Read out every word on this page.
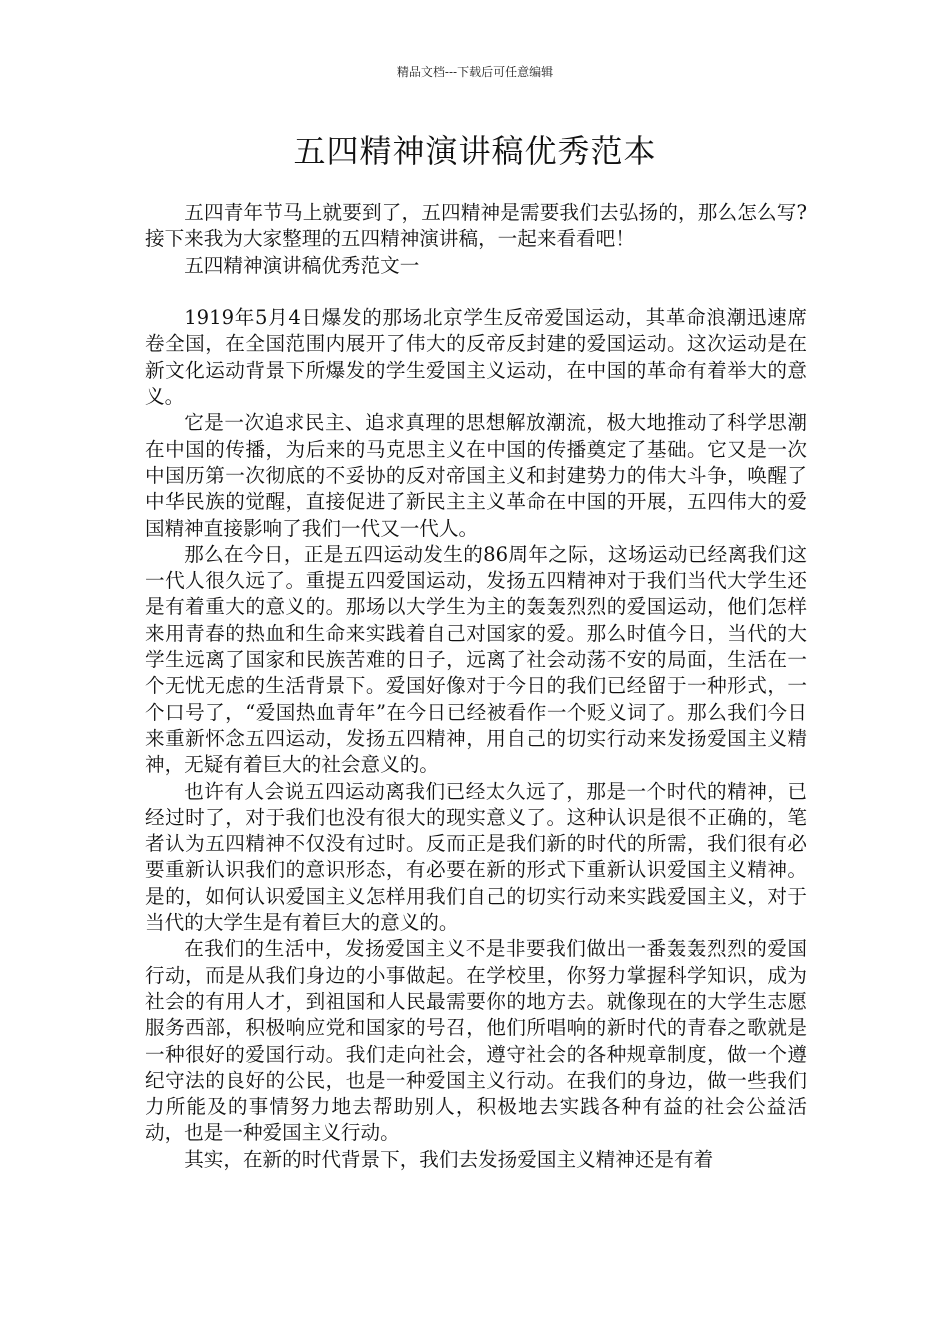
精品文档---下载后可任意编辑
五四精神演讲稿优秀范本

五四青年节马上就要到了，五四精神是需要我们去弘扬的，那么怎么写?接下来我为大家整理的五四精神演讲稿，一起来看看吧！

五四精神演讲稿优秀范文一

1919年5月4日爆发的那场北京学生反帝爱国运动，其革命浪潮迅速席卷全国，在全国范围内展开了伟大的反帝反封建的爱国运动。这次运动是在新文化运动背景下所爆发的学生爱国主义运动，在中国的革命有着举大的意义。

它是一次追求民主、追求真理的思想解放潮流，极大地推动了科学思潮在中国的传播，为后来的马克思主义在中国的传播奠定了基础。它又是一次中国历第一次彻底的不妥协的反对帝国主义和封建势力的伟大斗争，唤醒了中华民族的觉醒，直接促进了新民主主义革命在中国的开展，五四伟大的爱国精神直接影响了我们一代又一代人。

那么在今日，正是五四运动发生的86周年之际，这场运动已经离我们这一代人很久远了。重提五四爱国运动，发扬五四精神对于我们当代大学生还是有着重大的意义的。那场以大学生为主的轰轰烈烈的爱国运动，他们怎样来用青春的热血和生命来实践着自己对国家的爱。那么时值今日，当代的大学生远离了国家和民族苦难的日子，远离了社会动荡不安的局面，生活在一个无忧无虑的生活背景下。爱国好像对于今日的我们已经留于一种形式，一个口号了，“爱国热血青年”在今日已经被看作一个贬义词了。那么我们今日来重新怀念五四运动，发扬五四精神，用自己的切实行动来发扬爱国主义精神，无疑有着巨大的社会意义的。

也许有人会说五四运动离我们已经太久远了，那是一个时代的精神，已经过时了，对于我们也没有很大的现实意义了。这种认识是很不正确的，笔者认为五四精神不仅没有过时。反而正是我们新的时代的所需，我们很有必要重新认识我们的意识形态，有必要在新的形式下重新认识爱国主义精神。是的，如何认识爱国主义怎样用我们自己的切实行动来实践爱国主义，对于当代的大学生是有着巨大的意义的。

在我们的生活中，发扬爱国主义不是非要我们做出一番轰轰烈烈的爱国行动，而是从我们身边的小事做起。在学校里，你努力掌握科学知识，成为社会的有用人才，到祖国和人民最需要你的地方去。就像现在的大学生志愿服务西部，积极响应党和国家的号召，他们所唱响的新时代的青春之歌就是一种很好的爱国行动。我们走向社会，遵守社会的各种规章制度，做一个遵纪守法的良好的公民，也是一种爱国主义行动。在我们的身边，做一些我们力所能及的事情努力地去帮助别人，积极地去实践各种有益的社会公益活动，也是一种爱国主义行动。

其实，在新的时代背景下，我们去发扬爱国主义精神还是有着
